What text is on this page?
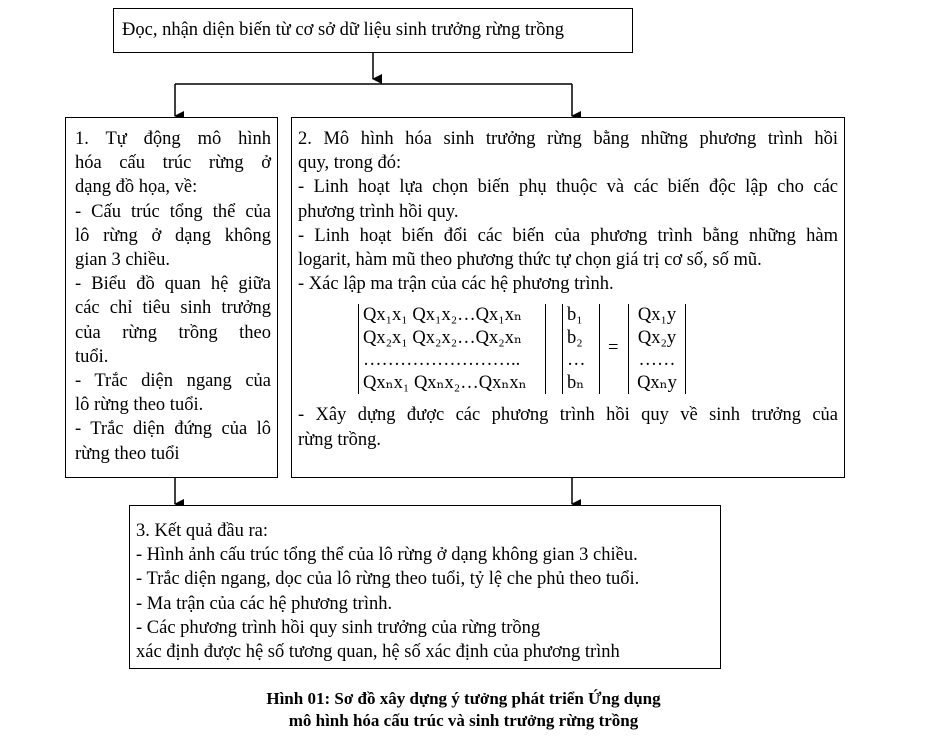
Đọc, nhận diện biến từ cơ sở dữ liệu sinh trưởng rừng trồng
1. Tự động mô hình
hóa cấu trúc rừng ở
dạng đồ họa, về:
- Cấu trúc tổng thể của
lô rừng ở dạng không
gian 3 chiều.
- Biểu đồ quan hệ giữa
các chỉ tiêu sinh trưởng
của rừng trồng theo
tuổi.
- Trắc diện ngang của
lô rừng theo tuổi.
- Trắc diện đứng của lô
rừng theo tuổi
2. Mô hình hóa sinh trưởng rừng bằng những phương trình hồi
quy, trong đó:
- Linh hoạt lựa chọn biến phụ thuộc và các biến độc lập cho các
phương trình hồi quy.
- Linh hoạt biến đổi các biến của phương trình bằng những hàm
logarit, hàm mũ theo phương thức tự chọn giá trị cơ số, số mũ.
- Xác lập ma trận của các hệ phương trình.
Qx₁x₁ Qx₁x₂…Qx₁xₙ
Qx₂x₁ Qx₂x₂…Qx₂xₙ
……………………..
Qxₙx₁ Qxₙx₂…Qxₙxₙ
b₁
b₂
…
bₙ
=
Qx₁y
Qx₂y
……
Qxₙy
- Xây dựng được các phương trình hồi quy về sinh trưởng của
rừng trồng.
3. Kết quả đầu ra:
- Hình ảnh cấu trúc tổng thể của lô rừng ở dạng không gian 3 chiều.
- Trắc diện ngang, dọc của lô rừng theo tuổi, tỷ lệ che phủ theo tuổi.
- Ma trận của các hệ phương trình.
- Các phương trình hồi quy sinh trưởng của rừng trồng
xác định được hệ số tương quan, hệ số xác định của phương trình
Hình 01: Sơ đồ xây dựng ý tưởng phát triển Ứng dụng
mô hình hóa cấu trúc và sinh trưởng rừng trồng
